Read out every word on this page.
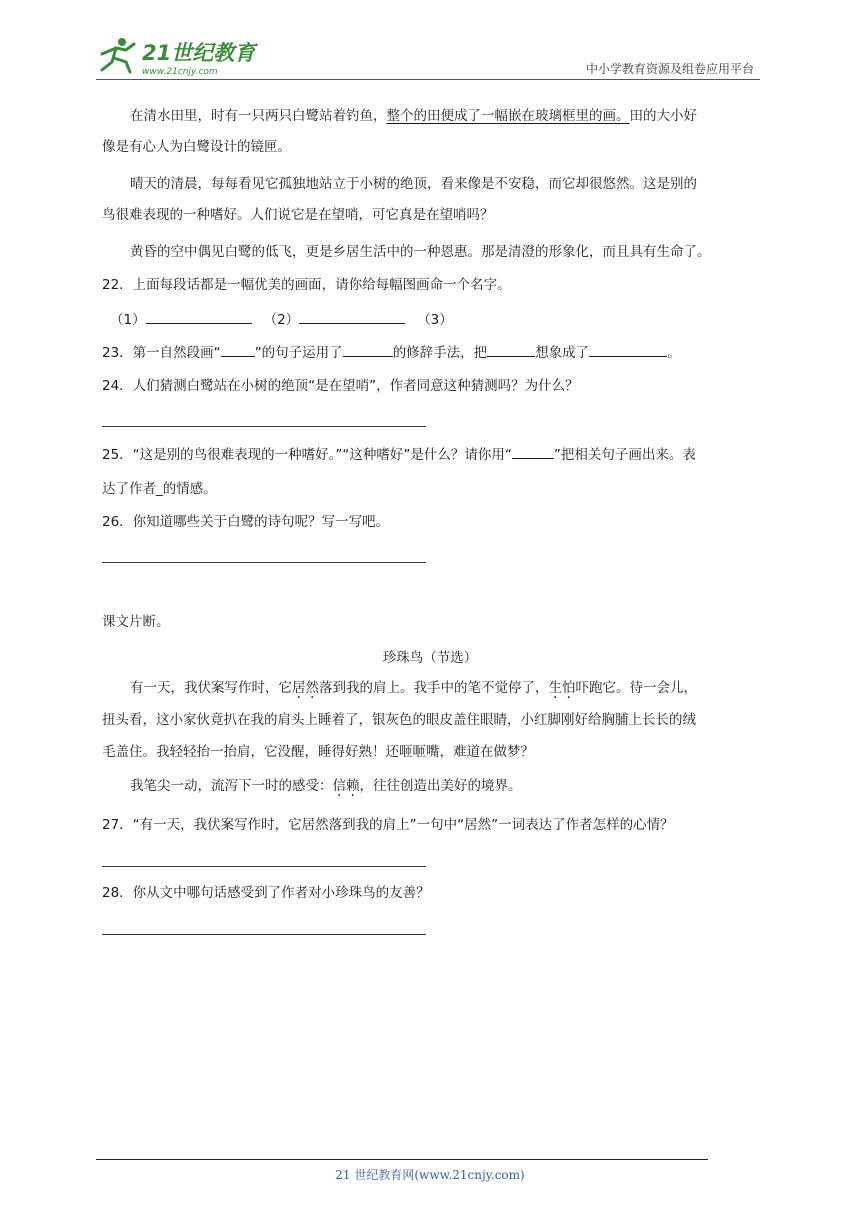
21世纪教育
www.21cnjy.com	中小学教育资源及组卷应用平台
在清水田里，时有一只两只白鹭站着钓鱼，整个的田便成了一幅嵌在玻璃框里的画。田的大小好
像是有心人为白鹭设计的镜匣。
晴天的清晨，每每看见它孤独地站立于小树的绝顶，看来像是不安稳，而它却很悠然。这是别的
鸟很难表现的一种嗜好。人们说它是在望哨，可它真是在望哨吗？
黄昏的空中偶见白鹭的低飞，更是乡居生活中的一种恩惠。那是清澄的形象化，而且具有生命了。
22．上面每段话都是一幅优美的画面，请你给每幅图画命一个名字。
（1）	（2）	（3）
23．第一自然段画“	”的句子运用了	的修辞手法，把	想象成了	。
24．人们猜测白鹭站在小树的绝顶“是在望哨”，作者同意这种猜测吗？为什么？
25．“这是别的鸟很难表现的一种嗜好。”“这种嗜好”是什么？请你用“	”把相关句子画出来。表
达了作者_的情感。
26．你知道哪些关于白鹭的诗句呢？写一写吧。
课文片断。
珍珠鸟（节选）
有一天，我伏案写作时，它居然落到我的肩上。我手中的笔不觉停了，生怕吓跑它。待一会儿，
扭头看，这小家伙竟扒在我的肩头上睡着了，银灰色的眼皮盖住眼睛，小红脚刚好给胸脯上长长的绒
毛盖住。我轻轻抬一抬肩，它没醒，睡得好熟！还咂咂嘴，难道在做梦？
我笔尖一动，流泻下一时的感受：信赖，往往创造出美好的境界。
27．“有一天，我伏案写作时，它居然落到我的肩上”一句中“居然”一词表达了作者怎样的心情？
28．你从文中哪句话感受到了作者对小珍珠鸟的友善？
21 世纪教育网(www.21cnjy.com)
